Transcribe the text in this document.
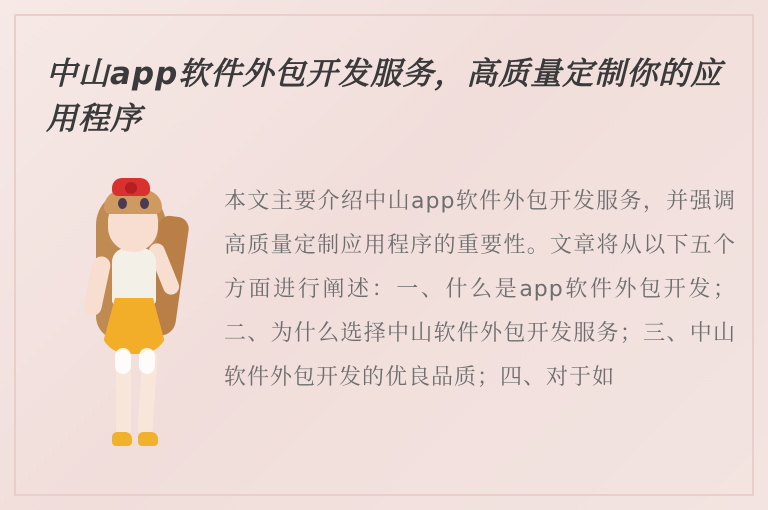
中山app软件外包开发服务，高质量定制你的应用程序
本文主要介绍中山app软件外包开发服务，并强调高质量定制应用程序的重要性。文章将从以下五个方面进行阐述：一、什么是app软件外包开发；二、为什么选择中山软件外包开发服务；三、中山软件外包开发的优良品质；四、对于如
